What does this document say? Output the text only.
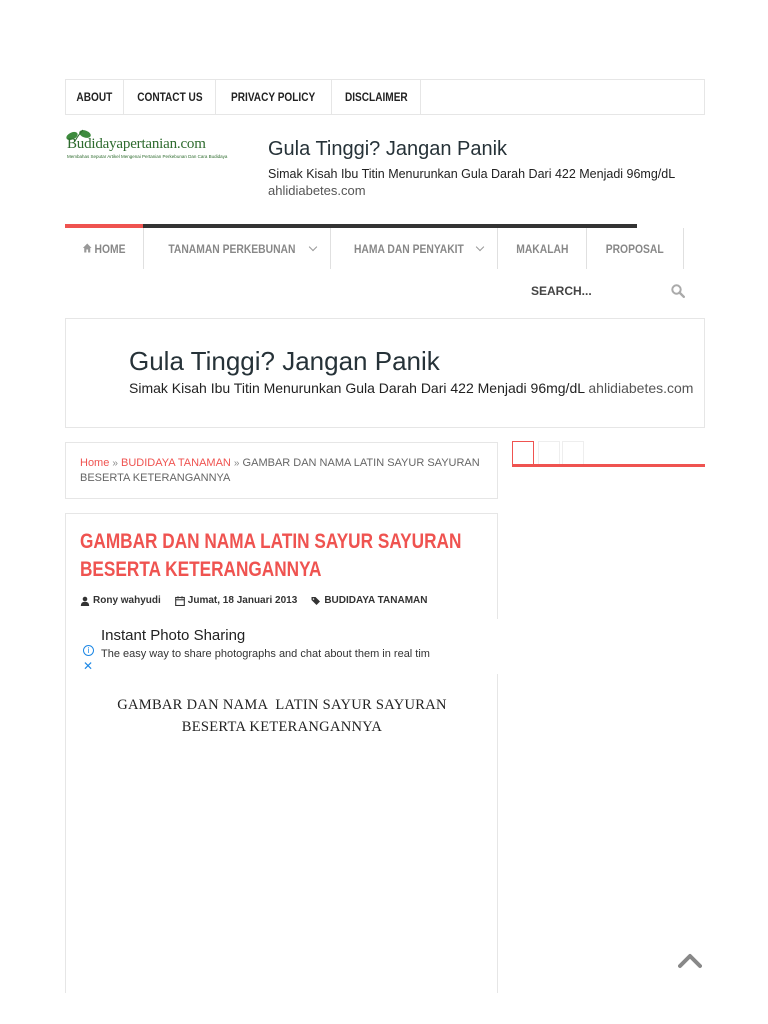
ABOUT CONTACT US PRIVACY POLICY DISCLAIMER
Budidayapertanian.com
Membahas Seputar Artikel Mengenai Pertanian Perkebunan Dan Cara Budidaya Gula Tinggi? Jangan Panik
Simak Kisah Ibu Titin Menurunkan Gula Darah Dari 422 Menjadi 96mg/dL
ahlidiabetes.com
HOME	TANAMAN PERKEBUNAN	HAMA DAN PENYAKIT	MAKALAH	PROPOSAL
SEARCH...
Gula Tinggi? Jangan Panik
Simak Kisah Ibu Titin Menurunkan Gula Darah Dari 422 Menjadi 96mg/dL ahlidiabetes.com
Home » BUDIDAYA TANAMAN » GAMBAR DAN NAMA LATIN SAYUR SAYURAN BESERTA KETERANGANNYA
GAMBAR DAN NAMA LATIN SAYUR SAYURAN BESERTA KETERANGANNYA
Rony wahyudi	Jumat, 18 Januari 2013	BUDIDAYA TANAMAN
i
✕
Instant Photo Sharing
The easy way to share photographs and chat about them in real tim
GAMBAR DAN NAMA  LATIN SAYUR SAYURAN
BESERTA KETERANGANNYA
